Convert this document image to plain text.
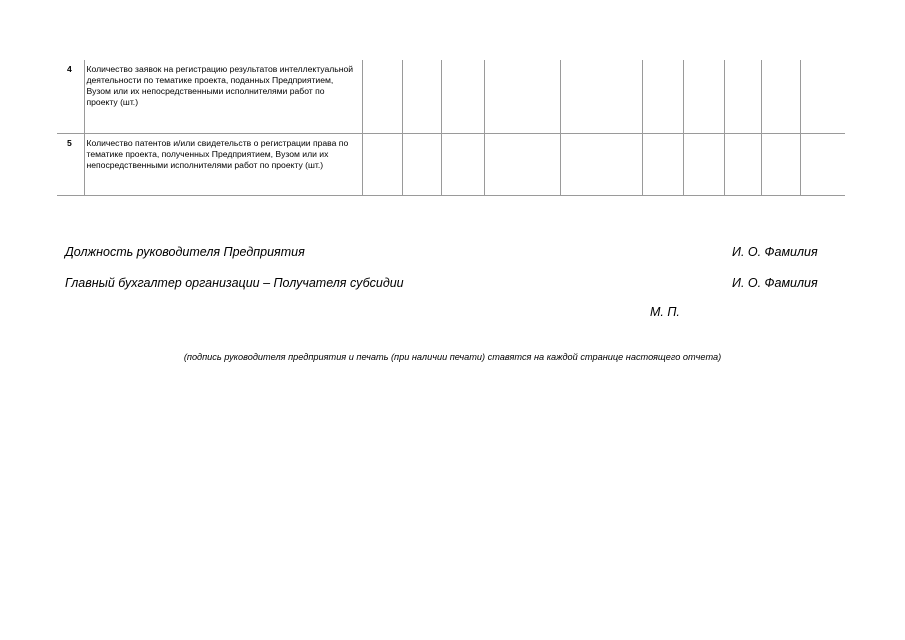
4	Количество заявок на регистрацию результатов интеллектуальной деятельности по тематике проекта, поданных Предприятием, Вузом или их непосредственными исполнителями работ по проекту (шт.)										
5	Количество патентов и/или свидетельств о регистрации права по тематике проекта, полученных Предприятием, Вузом или их непосредственными исполнителями работ по проекту (шт.)										
Должность руководителя Предприятия	И. О. Фамилия
Главный бухгалтер организации – Получателя субсидии	И. О. Фамилия
М. П.
(подпись руководителя предприятия и печать (при наличии печати) ставятся на каждой странице настоящего отчета)
